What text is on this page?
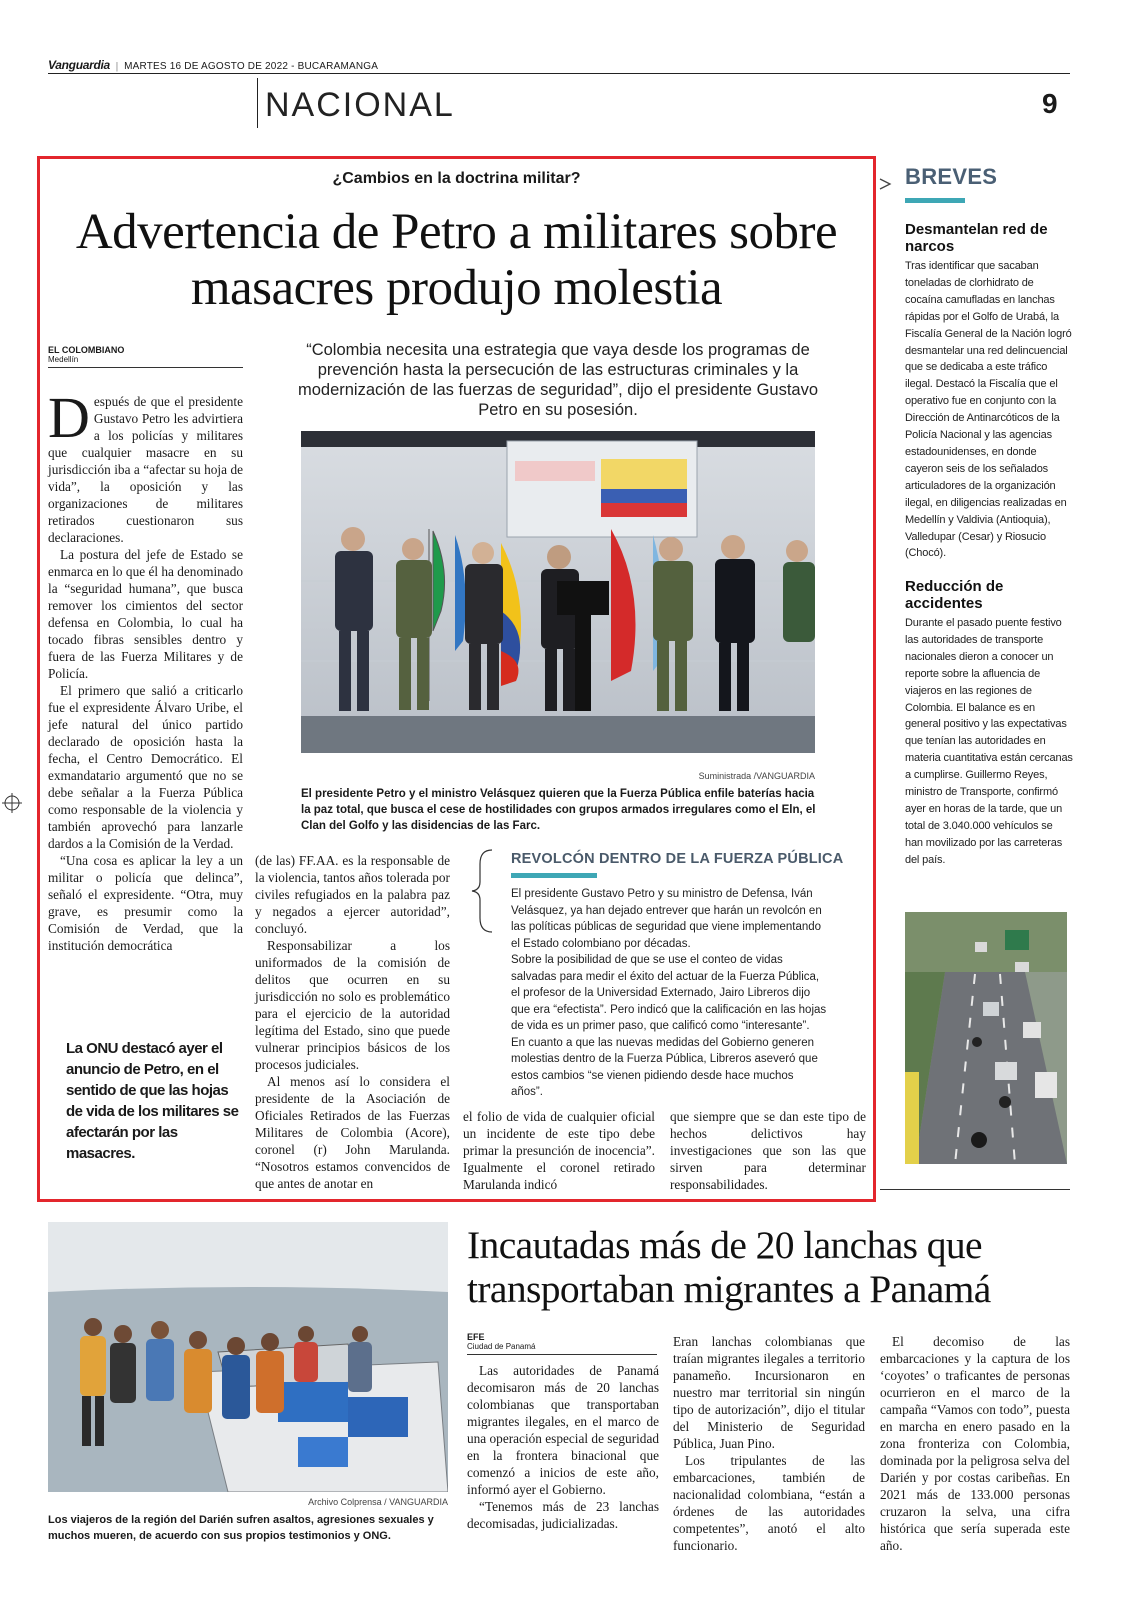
Vanguardia | MARTES 16 DE AGOSTO DE 2022 - BUCARAMANGA
NACIONAL	9
¿Cambios en la doctrina militar?
Advertencia de Petro a militares sobre masacres produjo molestia
EL COLOMBIANO
Medellín
“Colombia necesita una estrategia que vaya desde los programas de prevención hasta la persecución de las estructuras criminales y la modernización de las fuerzas de seguridad”, dijo el presidente Gustavo Petro en su posesión.
Suministrada /VANGUARDIA
El presidente Petro y el ministro Velásquez quieren que la Fuerza Pública enfile baterías hacia la paz total, que busca el cese de hostilidades con grupos armados irregulares como el Eln, el Clan del Golfo y las disidencias de las Farc.

Después de que el presidente Gustavo Petro les advirtiera a los policías y militares que cualquier masacre en su jurisdicción iba a “afectar su hoja de vida”, la oposición y las organizaciones de militares retirados cuestionaron sus declaraciones.

La postura del jefe de Estado se enmarca en lo que él ha denominado la “seguridad humana”, que busca remover los cimientos del sector defensa en Colombia, lo cual ha tocado fibras sensibles dentro y fuera de las Fuerza Militares y de Policía.

El primero que salió a criticarlo fue el expresidente Álvaro Uribe, el jefe natural del único partido declarado de oposición hasta la fecha, el Centro Democrático. El exmandatario argumentó que no se debe señalar a la Fuerza Pública como responsable de la violencia y también aprovechó para lanzarle dardos a la Comisión de la Verdad.

“Una cosa es aplicar la ley a un militar o policía que delinca”, señaló el expresidente. “Otra, muy grave, es presumir como la Comisión de Verdad, que la institución democrática

La ONU destacó ayer el anuncio de Petro, en el sentido de que las hojas de vida de los militares se afectarán por las masacres.

(de las) FF.AA. es la responsable de la violencia, tantos años tolerada por civiles refugiados en la palabra paz y negados a ejercer autoridad”, concluyó.

Responsabilizar a los uniformados de la comisión de delitos que ocurren en su jurisdicción no solo es problemático para el ejercicio de la autoridad legítima del Estado, sino que puede vulnerar principios básicos de los procesos judiciales.

Al menos así lo considera el presidente de la Asociación de Oficiales Retirados de las Fuerzas Militares de Colombia (Acore), coronel (r) John Marulanda. “Nosotros estamos convencidos de que antes de anotar en

el folio de vida de cualquier oficial un incidente de este tipo debe primar la presunción de inocencia”. Igualmente el coronel retirado Marulanda indicó
que siempre que se dan este tipo de hechos delictivos hay investigaciones que son las que sirven para determinar responsabilidades.
REVOLCÓN DENTRO DE LA FUERZA PÚBLICA

El presidente Gustavo Petro y su ministro de Defensa, Iván Velásquez, ya han dejado entrever que harán un revolcón en las políticas públicas de seguridad que viene implementando el Estado colombiano por décadas.

Sobre la posibilidad de que se use el conteo de vidas salvadas para medir el éxito del actuar de la Fuerza Pública, el profesor de la Universidad Externado, Jairo Libreros dijo que era “efectista”. Pero indicó que la calificación en las hojas de vida es un primer paso, que calificó como “interesante”.

En cuanto a que las nuevas medidas del Gobierno generen molestias dentro de la Fuerza Pública, Libreros aseveró que estos cambios “se vienen pidiendo desde hace muchos años”.

BREVES
Desmantelan red de narcos
Tras identificar que sacaban toneladas de clorhidrato de cocaína camufladas en lanchas rápidas por el Golfo de Urabá, la Fiscalía General de la Nación logró desmantelar una red delincuencial que se dedicaba a este tráfico ilegal. Destacó la Fiscalía que el operativo fue en conjunto con la Dirección de Antinarcóticos de la Policía Nacional y las agencias estadounidenses, en donde cayeron seis de los señalados articuladores de la organización ilegal, en diligencias realizadas en Medellín y Valdivia (Antioquia), Valledupar (Cesar) y Riosucio (Chocó).
Reducción de accidentes
Durante el pasado puente festivo las autoridades de transporte nacionales dieron a conocer un reporte sobre la afluencia de viajeros en las regiones de Colombia. El balance es en general positivo y las expectativas que tenían las autoridades en materia cuantitativa están cercanas a cumplirse. Guillermo Reyes, ministro de Transporte, confirmó ayer en horas de la tarde, que un total de 3.040.000 vehículos se han movilizado por las carreteras del país.
Archivo Colprensa / VANGUARDIA
Los viajeros de la región del Darién sufren asaltos, agresiones sexuales y muchos mueren, de acuerdo con sus propios testimonios y ONG.
Incautadas más de 20 lanchas que transportaban migrantes a Panamá
EFE
Ciudad de Panamá

Las autoridades de Panamá decomisaron más de 20 lanchas colombianas que transportaban migrantes ilegales, en el marco de una operación especial de seguridad en la frontera binacional que comenzó a inicios de este año, informó ayer el Gobierno.

“Tenemos más de 23 lanchas decomisadas, judicializadas.

Eran lanchas colombianas que traían migrantes ilegales a territorio panameño. Incursionaron en nuestro mar territorial sin ningún tipo de autorización”, dijo el titular del Ministerio de Seguridad Pública, Juan Pino.

Los tripulantes de las embarcaciones, también de nacionalidad colombiana, “están a órdenes de las autoridades competentes”, anotó el alto funcionario.

El decomiso de las embarcaciones y la captura de los ‘coyotes’ o traficantes de personas ocurrieron en el marco de la campaña “Vamos con todo”, puesta en marcha en enero pasado en la zona fronteriza con Colombia, dominada por la peligrosa selva del Darién y por costas caribeñas. En 2021 más de 133.000 personas cruzaron la selva, una cifra histórica que sería superada este año.
